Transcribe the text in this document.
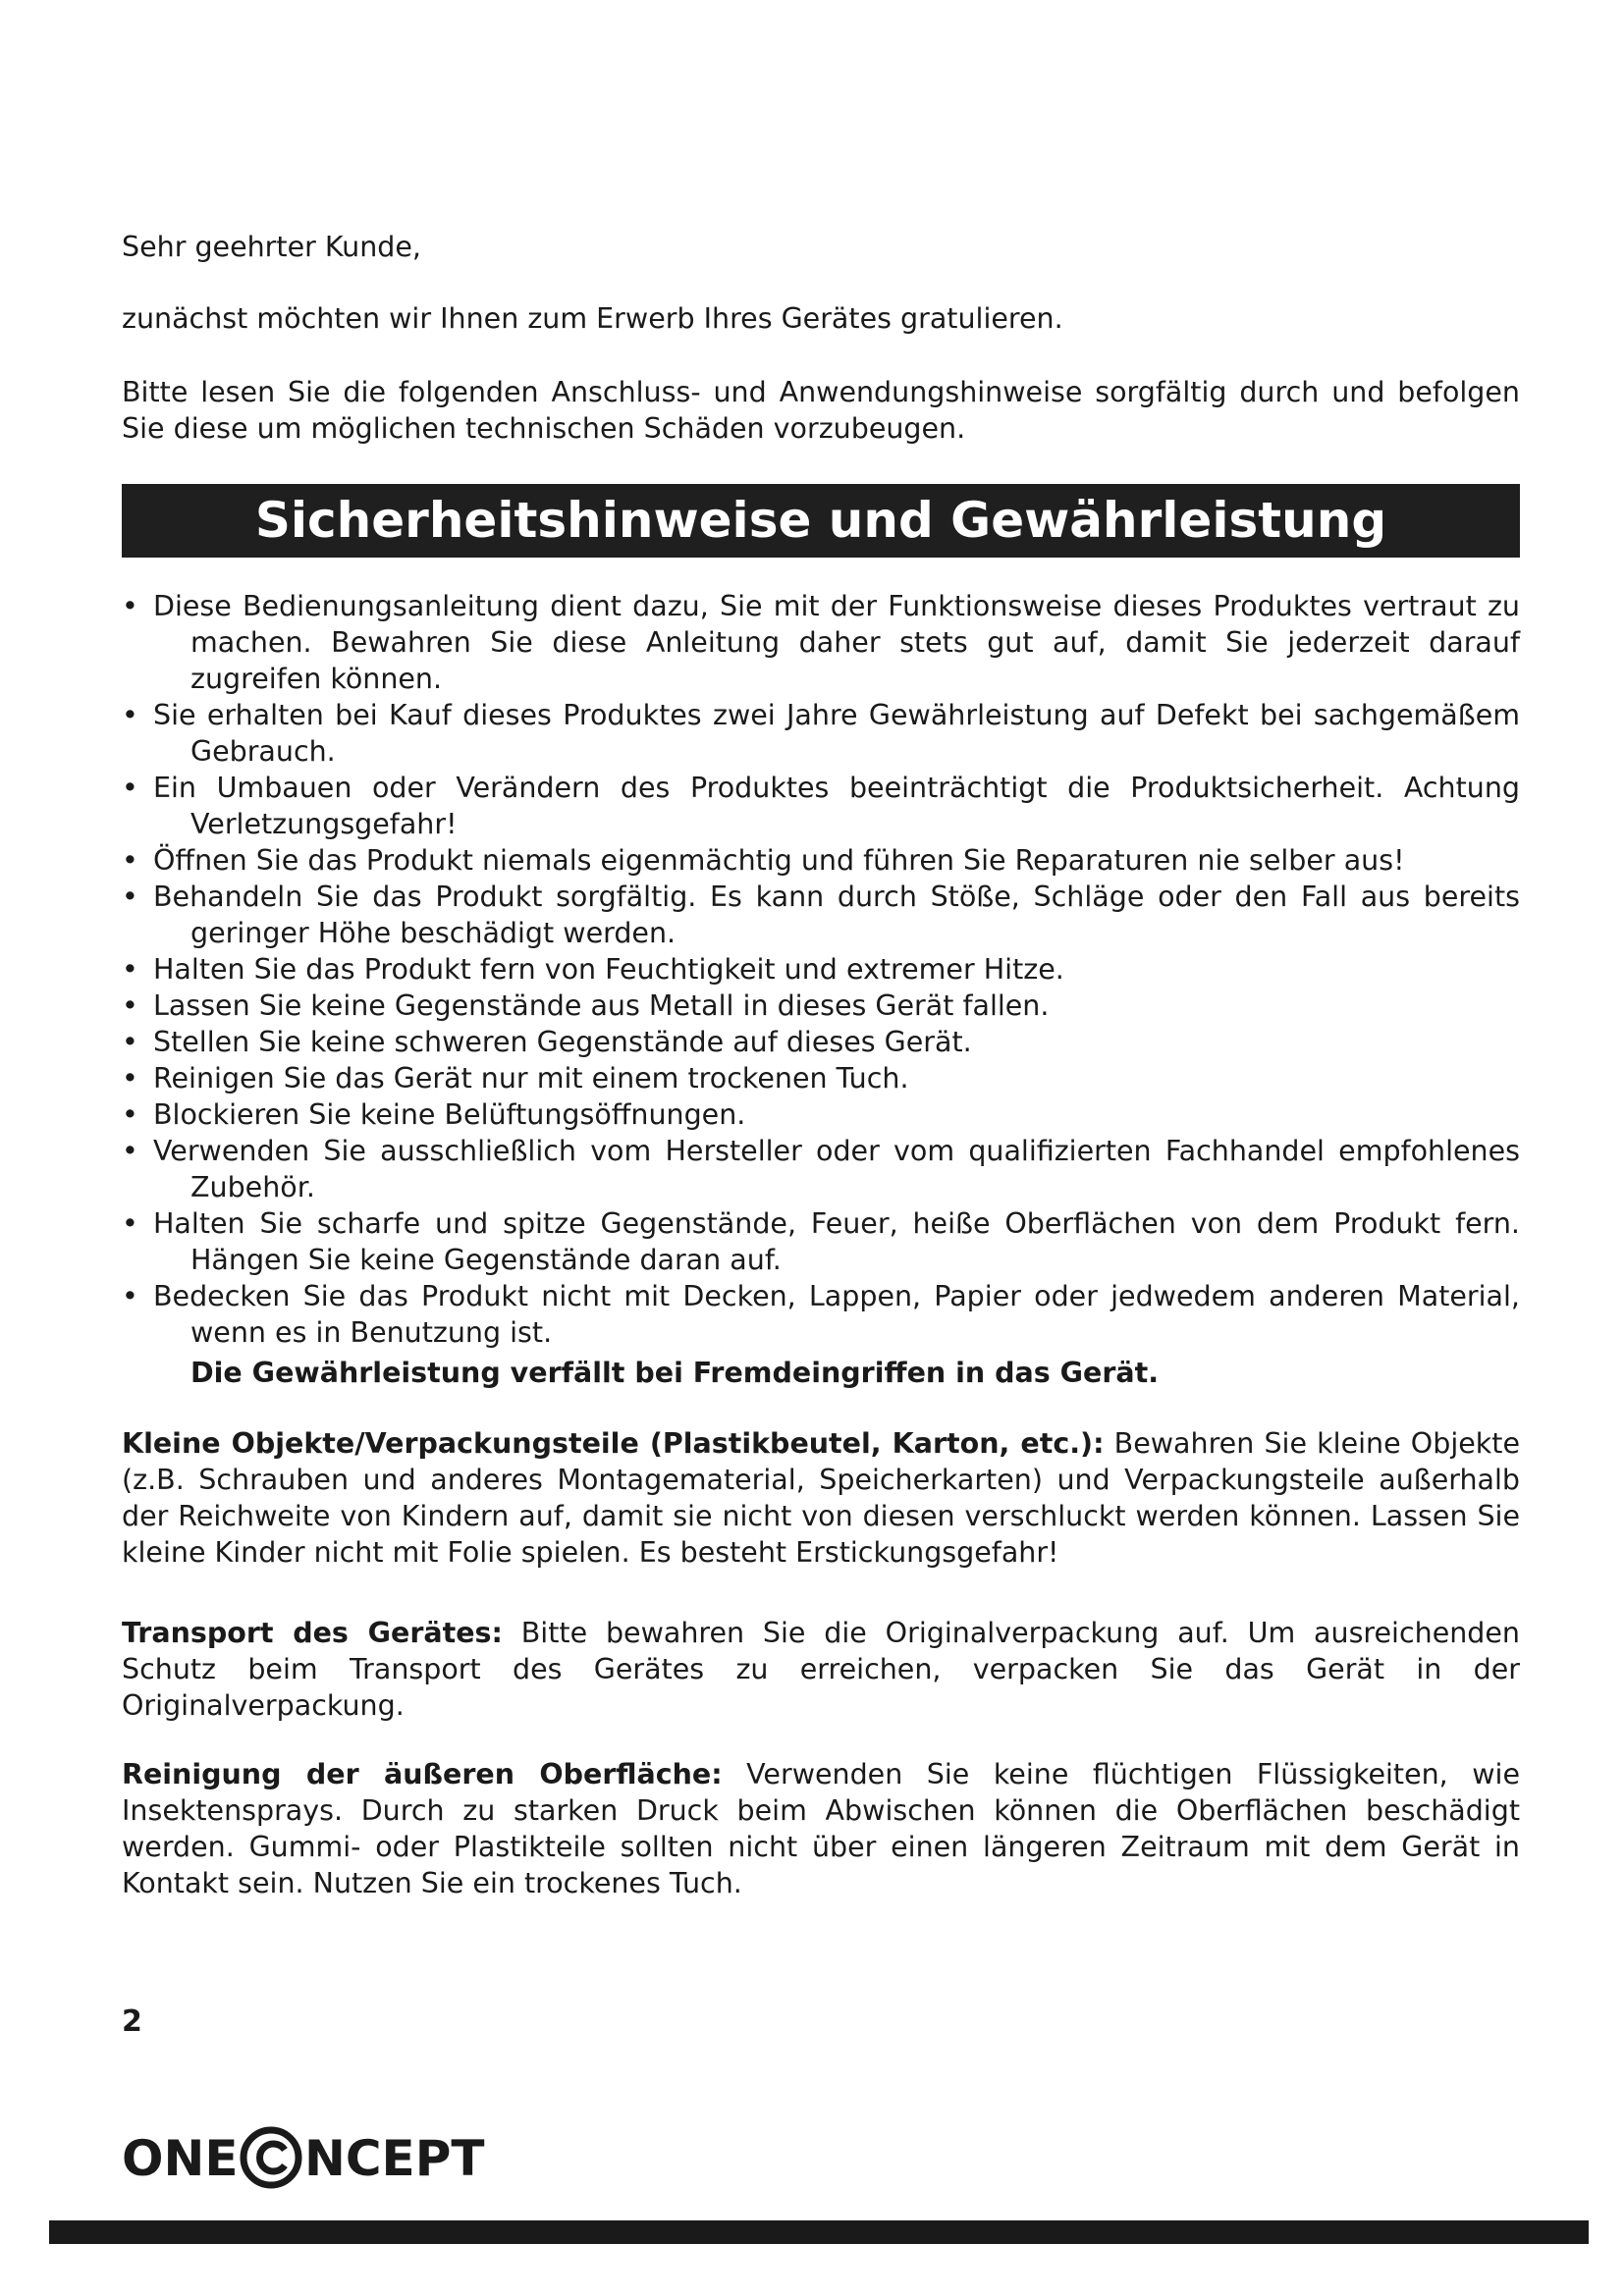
Sehr geehrter Kunde,

zunächst möchten wir Ihnen zum Erwerb Ihres Gerätes gratulieren.

Bitte lesen Sie die folgenden Anschluss- und Anwendungshinweise sorgfältig durch und befolgen Sie diese um möglichen technischen Schäden vorzubeugen.

Sicherheitshinweise und Gewährleistung
• Diese Bedienungsanleitung dient dazu, Sie mit der Funktionsweise dieses Produktes vertraut zu machen. Bewahren Sie diese Anleitung daher stets gut auf, damit Sie jederzeit darauf zugreifen können.
• Sie erhalten bei Kauf dieses Produktes zwei Jahre Gewährleistung auf Defekt bei sachgemäßem Gebrauch.
• Ein Umbauen oder Verändern des Produktes beeinträchtigt die Produktsicherheit. Achtung Verletzungsgefahr!
• Öffnen Sie das Produkt niemals eigenmächtig und führen Sie Reparaturen nie selber aus!
• Behandeln Sie das Produkt sorgfältig. Es kann durch Stöße, Schläge oder den Fall aus bereits geringer Höhe beschädigt werden.
• Halten Sie das Produkt fern von Feuchtigkeit und extremer Hitze.
• Lassen Sie keine Gegenstände aus Metall in dieses Gerät fallen.
• Stellen Sie keine schweren Gegenstände auf dieses Gerät.
• Reinigen Sie das Gerät nur mit einem trockenen Tuch.
• Blockieren Sie keine Belüftungsöffnungen.
• Verwenden Sie ausschließlich vom Hersteller oder vom qualifizierten Fachhandel empfohlenes Zubehör.
• Halten Sie scharfe und spitze Gegenstände, Feuer, heiße Oberflächen von dem Produkt fern. Hängen Sie keine Gegenstände daran auf.
• Bedecken Sie das Produkt nicht mit Decken, Lappen, Papier oder jedwedem anderen Material, wenn es in Benutzung ist.

Die Gewährleistung verfällt bei Fremdeingriffen in das Gerät.

Kleine Objekte/Verpackungsteile (Plastikbeutel, Karton, etc.): Bewahren Sie kleine Objekte (z.B. Schrauben und anderes Montagematerial, Speicherkarten) und Verpackungsteile außerhalb der Reichweite von Kindern auf, damit sie nicht von diesen verschluckt werden können. Lassen Sie kleine Kinder nicht mit Folie spielen. Es besteht Erstickungsgefahr!

Transport des Gerätes: Bitte bewahren Sie die Originalverpackung auf. Um ausreichenden Schutz beim Transport des Gerätes zu erreichen, verpacken Sie das Gerät in der Originalverpackung.

Reinigung der äußeren Oberfläche: Verwenden Sie keine flüchtigen Flüssigkeiten, wie Insektensprays. Durch zu starken Druck beim Abwischen können die Oberflächen beschädigt werden. Gummi- oder Plastikteile sollten nicht über einen längeren Zeitraum mit dem Gerät in Kontakt sein. Nutzen Sie ein trockenes Tuch.

2
ONE NCEPT
